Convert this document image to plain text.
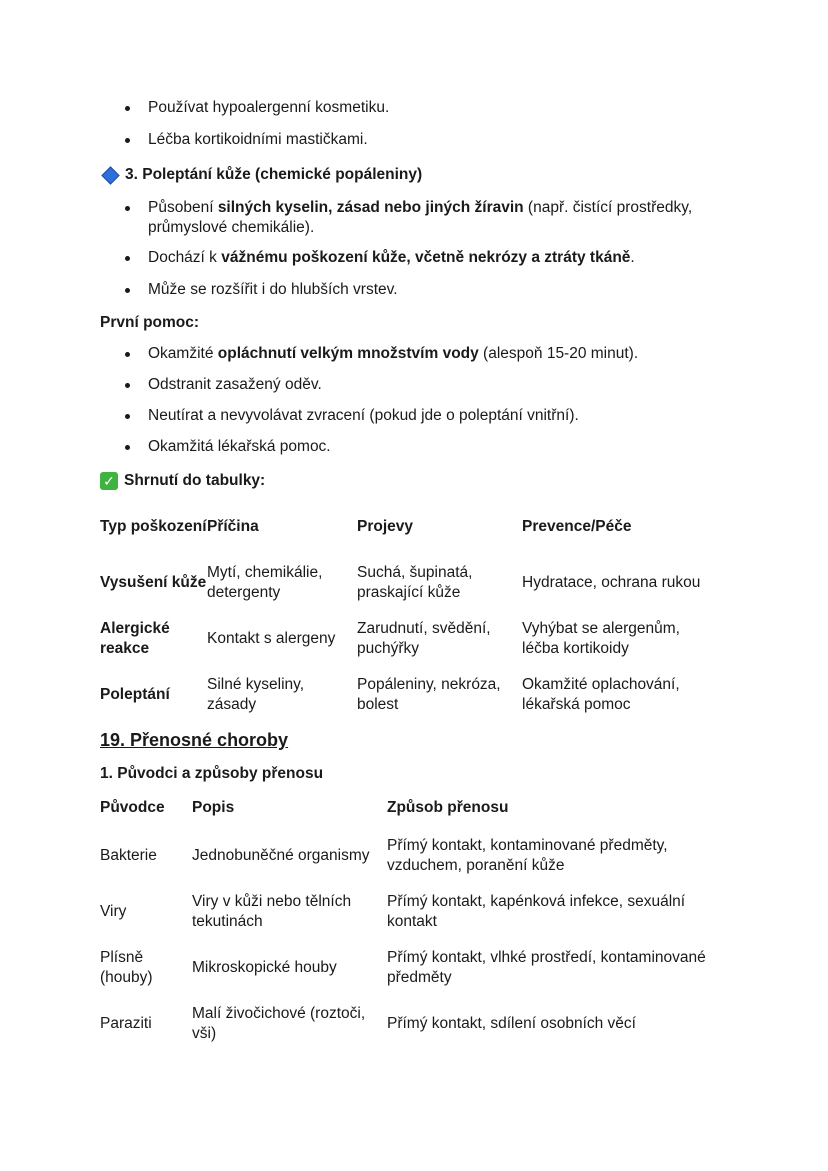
Používat hypoalergenní kosmetiku.
Léčba kortikoidními mastičkami.
3. Poleptání kůže (chemické popáleniny)
Působení silných kyselin, zásad nebo jiných žíravin (např. čistící prostředky, průmyslové chemikálie).
Dochází k vážnému poškození kůže, včetně nekrózy a ztráty tkáně.
Může se rozšířit i do hlubších vrstev.
První pomoc:
Okamžité opláchnutí velkým množstvím vody (alespoň 15-20 minut).
Odstranit zasažený oděv.
Neutírat a nevyvolávat zvracení (pokud jde o poleptání vnitřní).
Okamžitá lékařská pomoc.
✓ Shrnutí do tabulky:
Typ poškození	Příčina	Projevy	Prevence/Péče

Vysušení kůže	Mytí, chemikálie, detergenty	Suchá, šupinatá, praskající kůže	Hydratace, ochrana rukou

Alergické reakce	Kontakt s alergeny	Zarudnutí, svědění, puchýřky	Vyhýbat se alergenům, léčba kortikoidy

Poleptání	Silné kyseliny, zásady	Popáleniny, nekróza, bolest	Okamžité oplachování, lékařská pomoc
19. Přenosné choroby
1. Původci a způsoby přenosu
Původce	Popis	Způsob přenosu

Bakterie	Jednobuněčné organismy	Přímý kontakt, kontaminované předměty, vzduchem, poranění kůže

Viry	Viry v kůži nebo tělních tekutinách	Přímý kontakt, kapénková infekce, sexuální kontakt

Plísně (houby)	Mikroskopické houby	Přímý kontakt, vlhké prostředí, kontaminované předměty

Paraziti	Malí živočichové (roztoči, vši)	Přímý kontakt, sdílení osobních věcí
